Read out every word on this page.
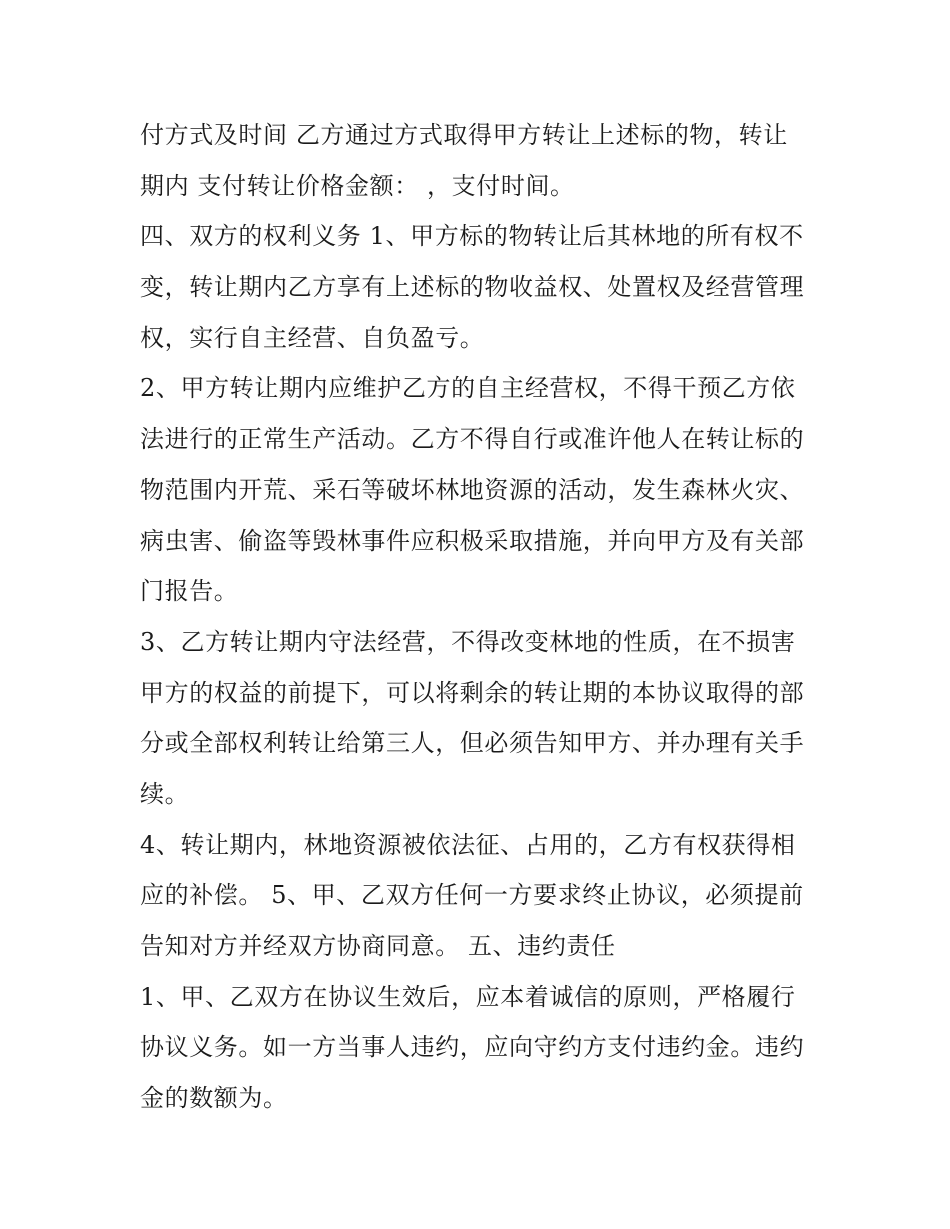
付方式及时间 乙方通过方式取得甲方转让上述标的物，转让
期内 支付转让价格金额： ，支付时间。
四、双方的权利义务 1、甲方标的物转让后其林地的所有权不
变，转让期内乙方享有上述标的物收益权、处置权及经营管理
权，实行自主经营、自负盈亏。
2、甲方转让期内应维护乙方的自主经营权，不得干预乙方依
法进行的正常生产活动。乙方不得自行或准许他人在转让标的
物范围内开荒、采石等破坏林地资源的活动，发生森林火灾、
病虫害、偷盗等毁林事件应积极采取措施，并向甲方及有关部
门报告。
3、乙方转让期内守法经营，不得改变林地的性质，在不损害
甲方的权益的前提下，可以将剩余的转让期的本协议取得的部
分或全部权利转让给第三人，但必须告知甲方、并办理有关手
续。
4、转让期内，林地资源被依法征、占用的，乙方有权获得相
应的补偿。 5、甲、乙双方任何一方要求终止协议，必须提前
告知对方并经双方协商同意。 五、违约责任
1、甲、乙双方在协议生效后，应本着诚信的原则，严格履行
协议义务。如一方当事人违约，应向守约方支付违约金。违约
金的数额为。
